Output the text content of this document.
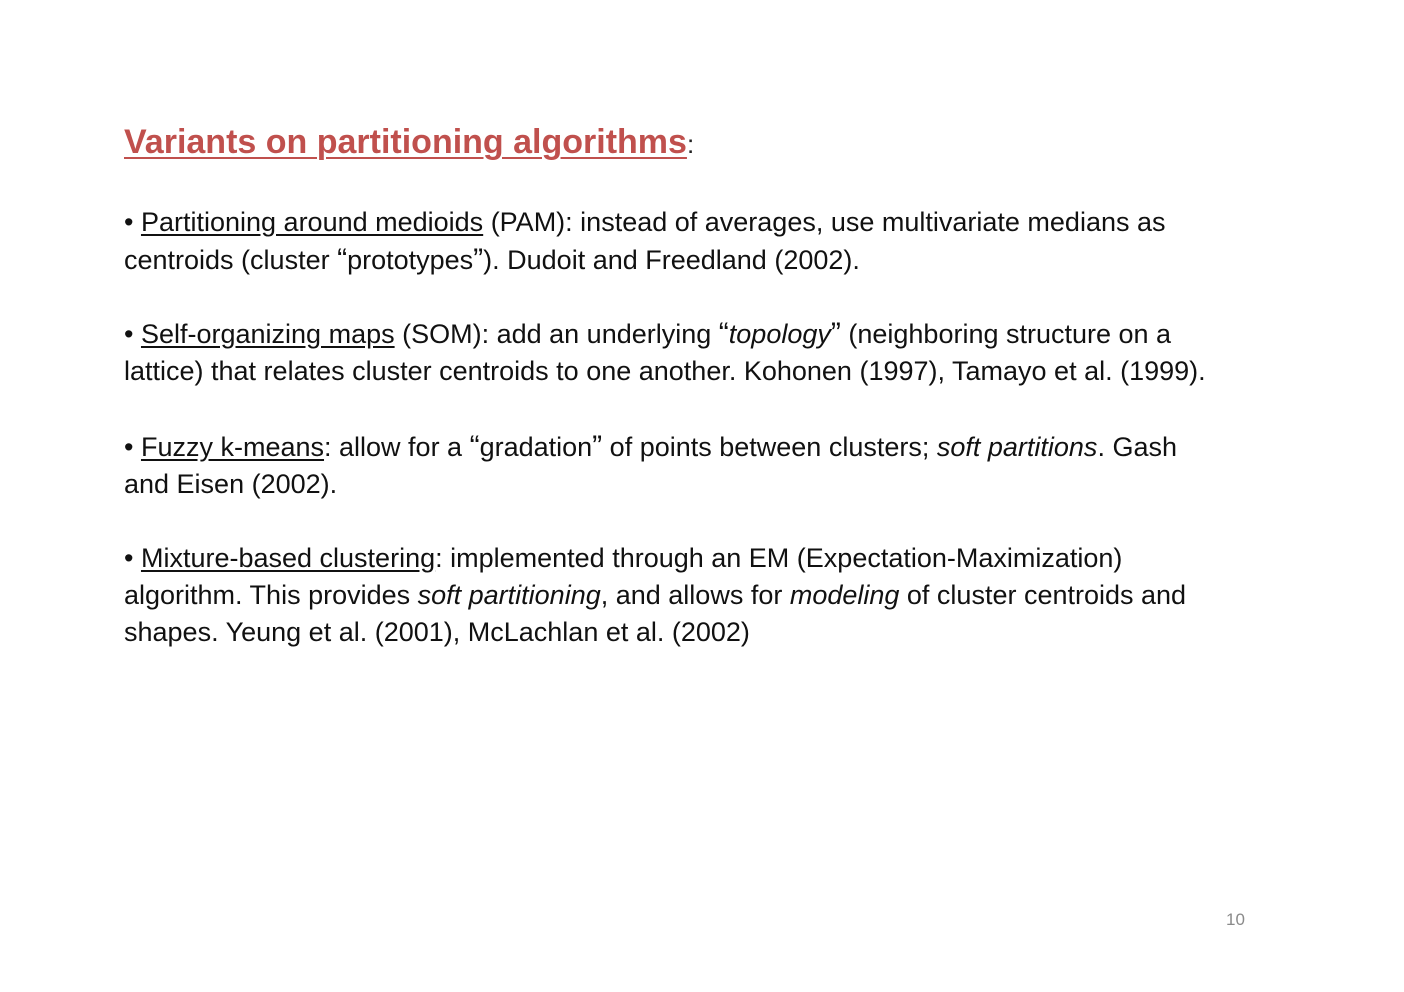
Variants on partitioning algorithms:
• Partitioning around medioids (PAM): instead of averages, use multivariate medians as
centroids (cluster “prototypes”). Dudoit and Freedland (2002).
• Self-organizing maps (SOM): add an underlying “topology” (neighboring structure on a
lattice) that relates cluster centroids to one another. Kohonen (1997), Tamayo et al. (1999).
• Fuzzy k-means: allow for a “gradation” of points between clusters; soft partitions. Gash
and Eisen (2002).
• Mixture-based clustering: implemented through an EM (Expectation-Maximization)
algorithm. This provides soft partitioning, and allows for modeling of cluster centroids and
shapes. Yeung et al. (2001), McLachlan et al. (2002)
10
